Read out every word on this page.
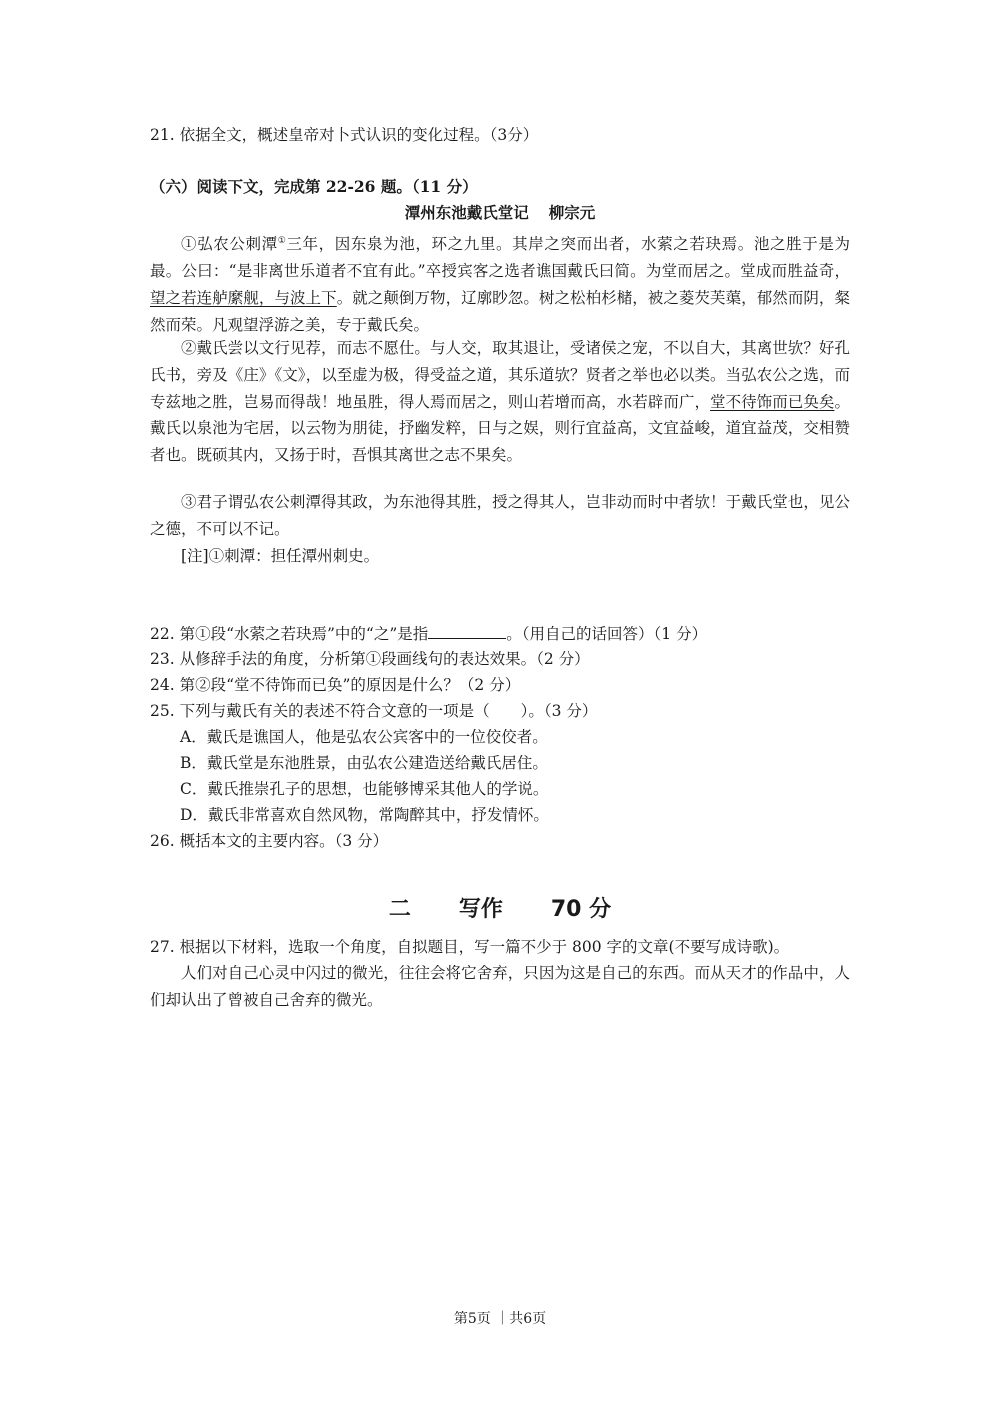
21. 依据全文，概述皇帝对卜式认识的变化过程。（3分）
（六）阅读下文，完成第 22-26 题。（11 分）
潭州东池戴氏堂记 柳宗元
①弘农公刺潭①三年，因东泉为池，环之九里。其岸之突而出者，水萦之若玦焉。池之胜于是为最。公曰：“是非离世乐道者不宜有此。”卒授宾客之选者谯国戴氏曰简。为堂而居之。堂成而胜益奇，望之若连舻縻舰，与波上下。就之颠倒万物，辽廓眇忽。树之松柏杉槠，被之菱芡芙蕖，郁然而阴，粲然而荣。凡观望浮游之美，专于戴氏矣。
②戴氏尝以文行见荐，而志不愿仕。与人交，取其退让，受诸侯之宠，不以自大，其离世欤？好孔氏书，旁及《庄》《文》，以至虚为极，得受益之道，其乐道欤？贤者之举也必以类。当弘农公之选，而专兹地之胜，岂易而得哉！地虽胜，得人焉而居之，则山若增而高，水若辟而广，堂不待饰而已奂矣。戴氏以泉池为宅居，以云物为朋徒，抒幽发粹，日与之娱，则行宜益高，文宜益峻，道宜益茂，交相赞者也。既硕其内，又扬于时，吾惧其离世之志不果矣。
③君子谓弘农公刺潭得其政，为东池得其胜，授之得其人，岂非动而时中者欤！于戴氏堂也，见公之德，不可以不记。
[注]①刺潭：担任潭州刺史。
22. 第①段“水萦之若玦焉”中的“之”是指	。（用自己的话回答）（1 分）
23. 从修辞手法的角度，分析第①段画线句的表达效果。（2 分）
24. 第②段“堂不待饰而已奂”的原因是什么？（2 分）
25. 下列与戴氏有关的表述不符合文意的一项是（　　）。（3 分）
A．戴氏是谯国人，他是弘农公宾客中的一位佼佼者。
B．戴氏堂是东池胜景，由弘农公建造送给戴氏居住。
C．戴氏推崇孔子的思想，也能够博采其他人的学说。
D．戴氏非常喜欢自然风物，常陶醉其中，抒发情怀。
26. 概括本文的主要内容。（3 分）
二 写作 70 分
27. 根据以下材料，选取一个角度，自拟题目，写一篇不少于 800 字的文章(不要写成诗歌)。
人们对自己心灵中闪过的微光，往往会将它舍弃，只因为这是自己的东西。而从天才的作品中，人们却认出了曾被自己舍弃的微光。
第5页 ｜共6页
